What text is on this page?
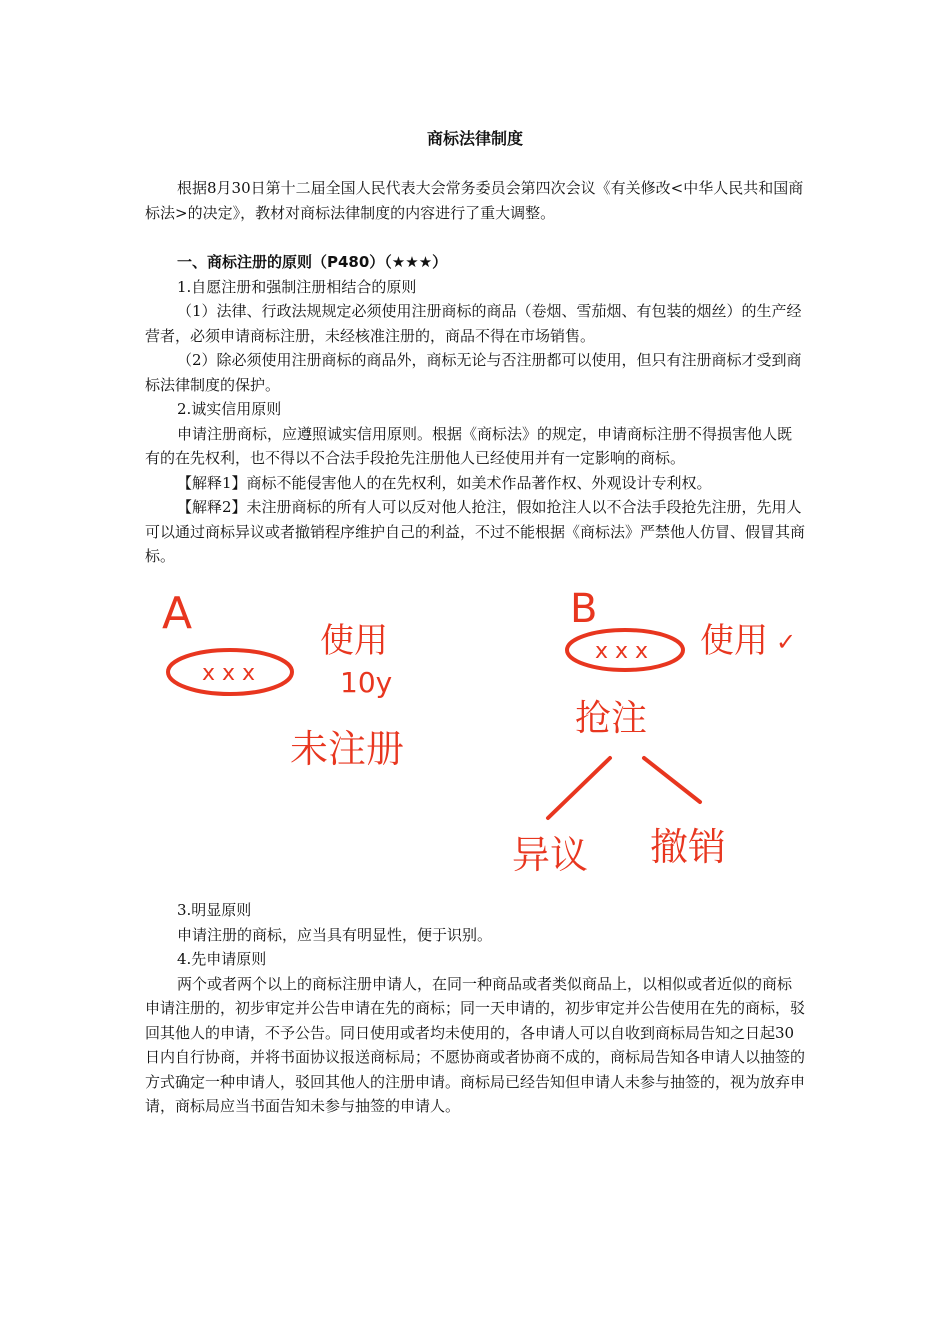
商标法律制度

根据8月30日第十二届全国人民代表大会常务委员会第四次会议《有关修改<中华人民共和国商标法>的决定》，教材对商标法律制度的内容进行了重大调整。

一、商标注册的原则（P480）（★★★）

1.自愿注册和强制注册相结合的原则

（1）法律、行政法规规定必须使用注册商标的商品（卷烟、雪茄烟、有包装的烟丝）的生产经营者，必须申请商标注册，未经核准注册的，商品不得在市场销售。

（2）除必须使用注册商标的商品外，商标无论与否注册都可以使用，但只有注册商标才受到商标法律制度的保护。

2.诚实信用原则

申请注册商标，应遵照诚实信用原则。根据《商标法》的规定，申请商标注册不得损害他人既有的在先权利，也不得以不合法手段抢先注册他人已经使用并有一定影响的商标。

【解释1】商标不能侵害他人的在先权利，如美术作品著作权、外观设计专利权。

【解释2】未注册商标的所有人可以反对他人抢注，假如抢注人以不合法手段抢先注册，先用人可以通过商标异议或者撤销程序维护自己的利益，不过不能根据《商标法》严禁他人仿冒、假冒其商标。

A
x x x
使用
10y
未注册
B
x x x 使用 ✓
抢注
异议 撤销

3.明显原则

申请注册的商标，应当具有明显性，便于识别。

4.先申请原则

两个或者两个以上的商标注册申请人，在同一种商品或者类似商品上，以相似或者近似的商标申请注册的，初步审定并公告申请在先的商标；同一天申请的，初步审定并公告使用在先的商标，驳回其他人的申请，不予公告。同日使用或者均未使用的，各申请人可以自收到商标局告知之日起30日内自行协商，并将书面协议报送商标局；不愿协商或者协商不成的，商标局告知各申请人以抽签的方式确定一种申请人，驳回其他人的注册申请。商标局已经告知但申请人未参与抽签的，视为放弃申请，商标局应当书面告知未参与抽签的申请人。
